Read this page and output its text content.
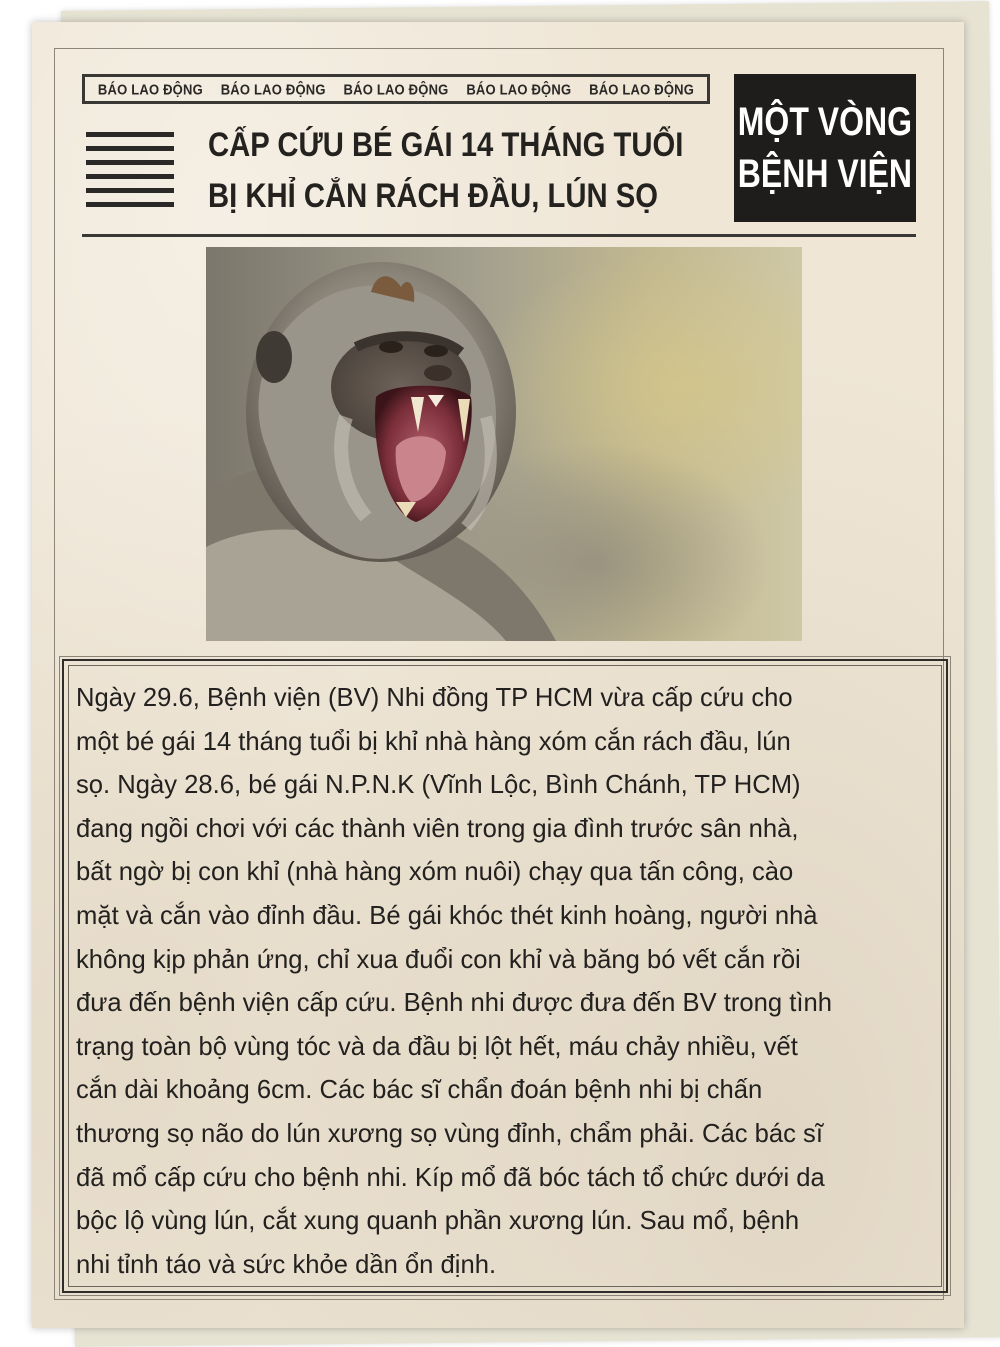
BÁO LAO ĐỘNG BÁO LAO ĐỘNG BÁO LAO ĐỘNG BÁO LAO ĐỘNG BÁO LAO ĐỘNG
CẤP CỨU BÉ GÁI 14 THÁNG TUỔI
BỊ KHỈ CẮN RÁCH ĐẦU, LÚN SỌ
MỘT VÒNG
BỆNH VIỆN

Ngày 29.6, Bệnh viện (BV) Nhi đồng TP HCM vừa cấp cứu cho
một bé gái 14 tháng tuổi bị khỉ nhà hàng xóm cắn rách đầu, lún
sọ. Ngày 28.6, bé gái N.P.N.K (Vĩnh Lộc, Bình Chánh, TP HCM)
đang ngồi chơi với các thành viên trong gia đình trước sân nhà,
bất ngờ bị con khỉ (nhà hàng xóm nuôi) chạy qua tấn công, cào
mặt và cắn vào đỉnh đầu. Bé gái khóc thét kinh hoàng, người nhà
không kịp phản ứng, chỉ xua đuổi con khỉ và băng bó vết cắn rồi
đưa đến bệnh viện cấp cứu. Bệnh nhi được đưa đến BV trong tình
trạng toàn bộ vùng tóc và da đầu bị lột hết, máu chảy nhiều, vết
cắn dài khoảng 6cm. Các bác sĩ chẩn đoán bệnh nhi bị chấn
thương sọ não do lún xương sọ vùng đỉnh, chẩm phải. Các bác sĩ
đã mổ cấp cứu cho bệnh nhi. Kíp mổ đã bóc tách tổ chức dưới da
bộc lộ vùng lún, cắt xung quanh phần xương lún. Sau mổ, bệnh
nhi tỉnh táo và sức khỏe dần ổn định.
